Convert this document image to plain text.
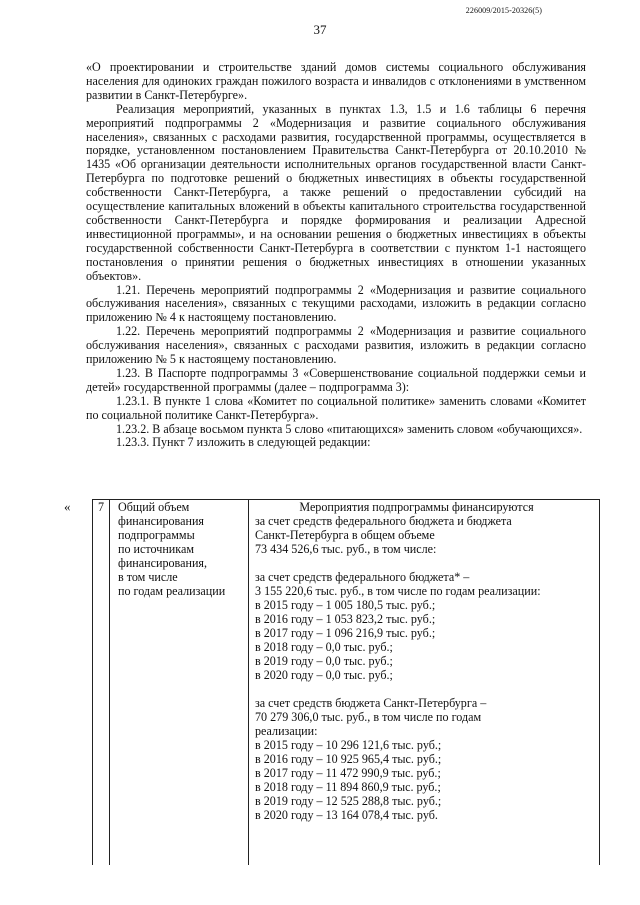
226009/2015-20326(5)
37

«О проектировании и строительстве зданий домов системы социального обслуживания населения для одиноких граждан пожилого возраста и инвалидов с отклонениями в умственном развитии в Санкт-Петербурге».

Реализация мероприятий, указанных в пунктах 1.3, 1.5 и 1.6 таблицы 6 перечня мероприятий подпрограммы 2 «Модернизация и развитие социального обслуживания населения», связанных с расходами развития, государственной программы, осуществляется в порядке, установленном постановлением Правительства Санкт-Петербурга от 20.10.2010 № 1435 «Об организации деятельности исполнительных органов государственной власти Санкт-Петербурга по подготовке решений о бюджетных инвестициях в объекты государственной собственности Санкт-Петербурга, а также решений о предоставлении субсидий на осуществление капитальных вложений в объекты капитального строительства государственной собственности Санкт-Петербурга и порядке формирования и реализации Адресной инвестиционной программы», и на основании решения о бюджетных инвестициях в объекты государственной собственности Санкт-Петербурга в соответствии с пунктом 1-1 настоящего постановления о принятии решения о бюджетных инвестициях в отношении указанных объектов».

1.21. Перечень мероприятий подпрограммы 2 «Модернизация и развитие социального обслуживания населения», связанных с текущими расходами, изложить в редакции согласно приложению № 4 к настоящему постановлению.

1.22. Перечень мероприятий подпрограммы 2 «Модернизация и развитие социального обслуживания населения», связанных с расходами развития, изложить в редакции согласно приложению № 5 к настоящему постановлению.

1.23. В Паспорте подпрограммы 3 «Совершенствование социальной поддержки семьи и детей» государственной программы (далее – подпрограмма 3):

1.23.1. В пункте 1 слова «Комитет по социальной политике» заменить словами «Комитет по социальной политике Санкт-Петербурга».

1.23.2. В абзаце восьмом пункта 5 слово «питающихся» заменить словом «обучающихся».

1.23.3. Пункт 7 изложить в следующей редакции:

«	7	Общий объем
финансирования
подпрограммы
по источникам
финансирования,
в том числе
по годам реализации
Мероприятия подпрограммы финансируются
за счет средств федерального бюджета и бюджета
Санкт-Петербурга в общем объеме
73 434 526,6 тыс. руб., в том числе:
за счет средств федерального бюджета* –
3 155 220,6 тыс. руб., в том числе по годам реализации:
в 2015 году – 1 005 180,5 тыс. руб.;
в 2016 году – 1 053 823,2 тыс. руб.;
в 2017 году – 1 096 216,9 тыс. руб.;
в 2018 году – 0,0 тыс. руб.;
в 2019 году – 0,0 тыс. руб.;
в 2020 году – 0,0 тыс. руб.;
за счет средств бюджета Санкт-Петербурга –
70 279 306,0 тыс. руб., в том числе по годам
реализации:
в 2015 году – 10 296 121,6 тыс. руб.;
в 2016 году – 10 925 965,4 тыс. руб.;
в 2017 году – 11 472 990,9 тыс. руб.;
в 2018 году – 11 894 860,9 тыс. руб.;
в 2019 году – 12 525 288,8 тыс. руб.;
в 2020 году – 13 164 078,4 тыс. руб.
